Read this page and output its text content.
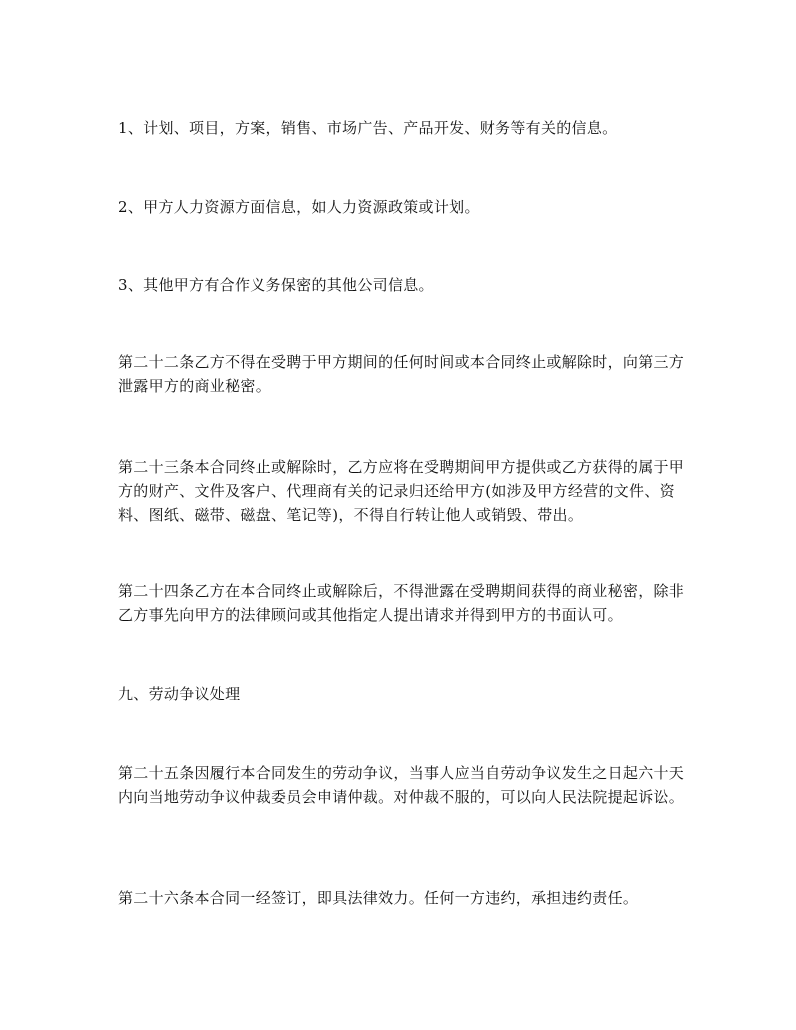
1、计划、项目，方案，销售、市场广告、产品开发、财务等有关的信息。

2、甲方人力资源方面信息，如人力资源政策或计划。

3、其他甲方有合作义务保密的其他公司信息。

第二十二条乙方不得在受聘于甲方期间的任何时间或本合同终止或解除时，向第三方泄露甲方的商业秘密。

第二十三条本合同终止或解除时，乙方应将在受聘期间甲方提供或乙方获得的属于甲方的财产、文件及客户、代理商有关的记录归还给甲方(如涉及甲方经营的文件、资料、图纸、磁带、磁盘、笔记等)，不得自行转让他人或销毁、带出。

第二十四条乙方在本合同终止或解除后，不得泄露在受聘期间获得的商业秘密，除非乙方事先向甲方的法律顾问或其他指定人提出请求并得到甲方的书面认可。

九、劳动争议处理

第二十五条因履行本合同发生的劳动争议，当事人应当自劳动争议发生之日起六十天内向当地劳动争议仲裁委员会申请仲裁。对仲裁不服的，可以向人民法院提起诉讼。

第二十六条本合同一经签订，即具法律效力。任何一方违约，承担违约责任。
